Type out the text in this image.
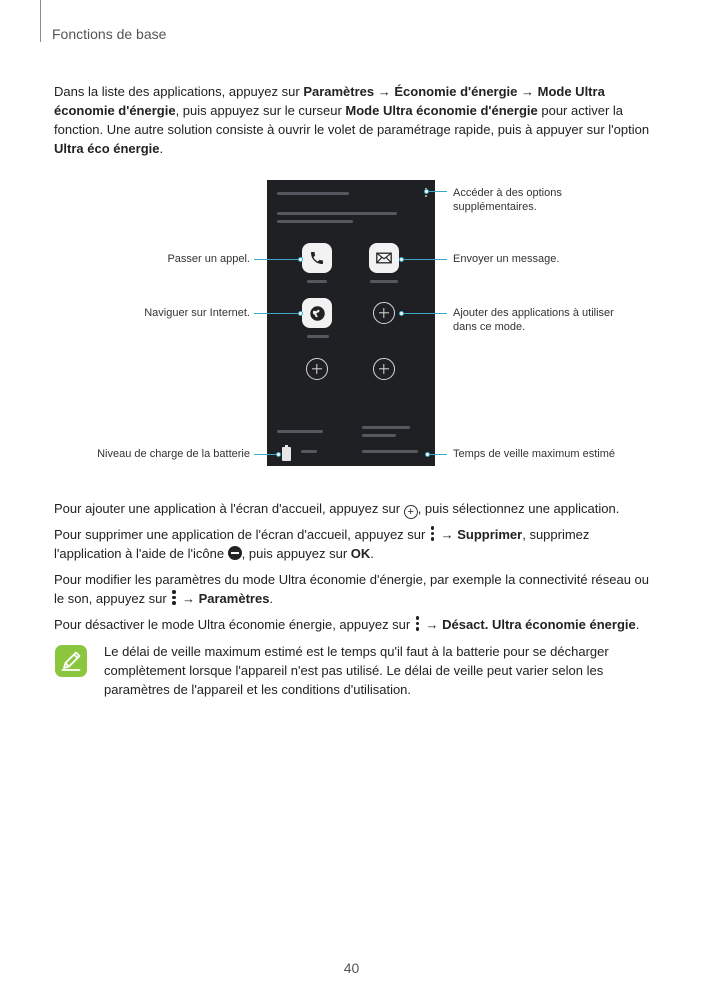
Fonctions de base

Dans la liste des applications, appuyez sur Paramètres → Économie d'énergie → Mode Ultra économie d'énergie, puis appuyez sur le curseur Mode Ultra économie d'énergie pour activer la fonction. Une autre solution consiste à ouvrir le volet de paramétrage rapide, puis à appuyer sur l'option Ultra éco énergie.

Accéder à des options supplémentaires.
Passer un appel.	Envoyer un message.
Naviguer sur Internet.	Ajouter des applications à utiliser dans ce mode.
Niveau de charge de la batterie	Temps de veille maximum estimé

Pour ajouter une application à l'écran d'accueil, appuyez sur + , puis sélectionnez une application.

Pour supprimer une application de l'écran d'accueil, appuyez sur
→ Supprimer, supprimez l'application à l'aide de l'icône , puis appuyez sur OK.

Pour modifier les paramètres du mode Ultra économie d'énergie, par exemple la connectivité réseau ou le son, appuyez sur
→ Paramètres.

Pour désactiver le mode Ultra économie énergie, appuyez sur
→ Désact. Ultra économie énergie.

Le délai de veille maximum estimé est le temps qu'il faut à la batterie pour se décharger complètement lorsque l'appareil n'est pas utilisé. Le délai de veille peut varier selon les paramètres de l'appareil et les conditions d'utilisation.

40
